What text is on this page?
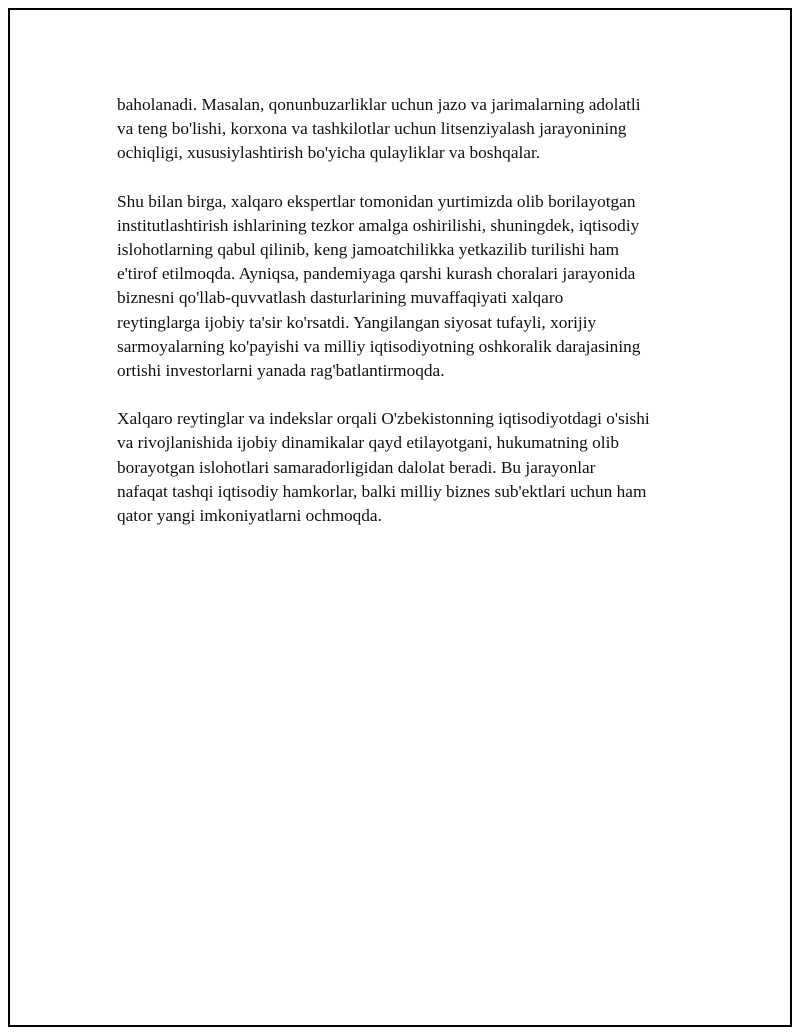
baholanadi. Masalan, qonunbuzarliklar uchun jazo va jarimalarning adolatli
va teng bo'lishi, korxona va tashkilotlar uchun litsenziyalash jarayonining
ochiqligi, xususiylashtirish bo'yicha qulayliklar va boshqalar.

Shu bilan birga, xalqaro ekspertlar tomonidan yurtimizda olib borilayotgan
institutlashtirish ishlarining tezkor amalga oshirilishi, shuningdek, iqtisodiy
islohotlarning qabul qilinib, keng jamoatchilikka yetkazilib turilishi ham
e'tirof etilmoqda. Ayniqsa, pandemiyaga qarshi kurash choralari jarayonida
biznesni qo'llab-quvvatlash dasturlarining muvaffaqiyati xalqaro
reytinglarga ijobiy ta'sir ko'rsatdi. Yangilangan siyosat tufayli, xorijiy
sarmoyalarning ko'payishi va milliy iqtisodiyotning oshkoralik darajasining
ortishi investorlarni yanada rag'batlantirmoqda.

Xalqaro reytinglar va indekslar orqali O'zbekistonning iqtisodiyotdagi o'sishi
va rivojlanishida ijobiy dinamikalar qayd etilayotgani, hukumatning olib
borayotgan islohotlari samaradorligidan dalolat beradi. Bu jarayonlar
nafaqat tashqi iqtisodiy hamkorlar, balki milliy biznes sub'ektlari uchun ham
qator yangi imkoniyatlarni ochmoqda.
